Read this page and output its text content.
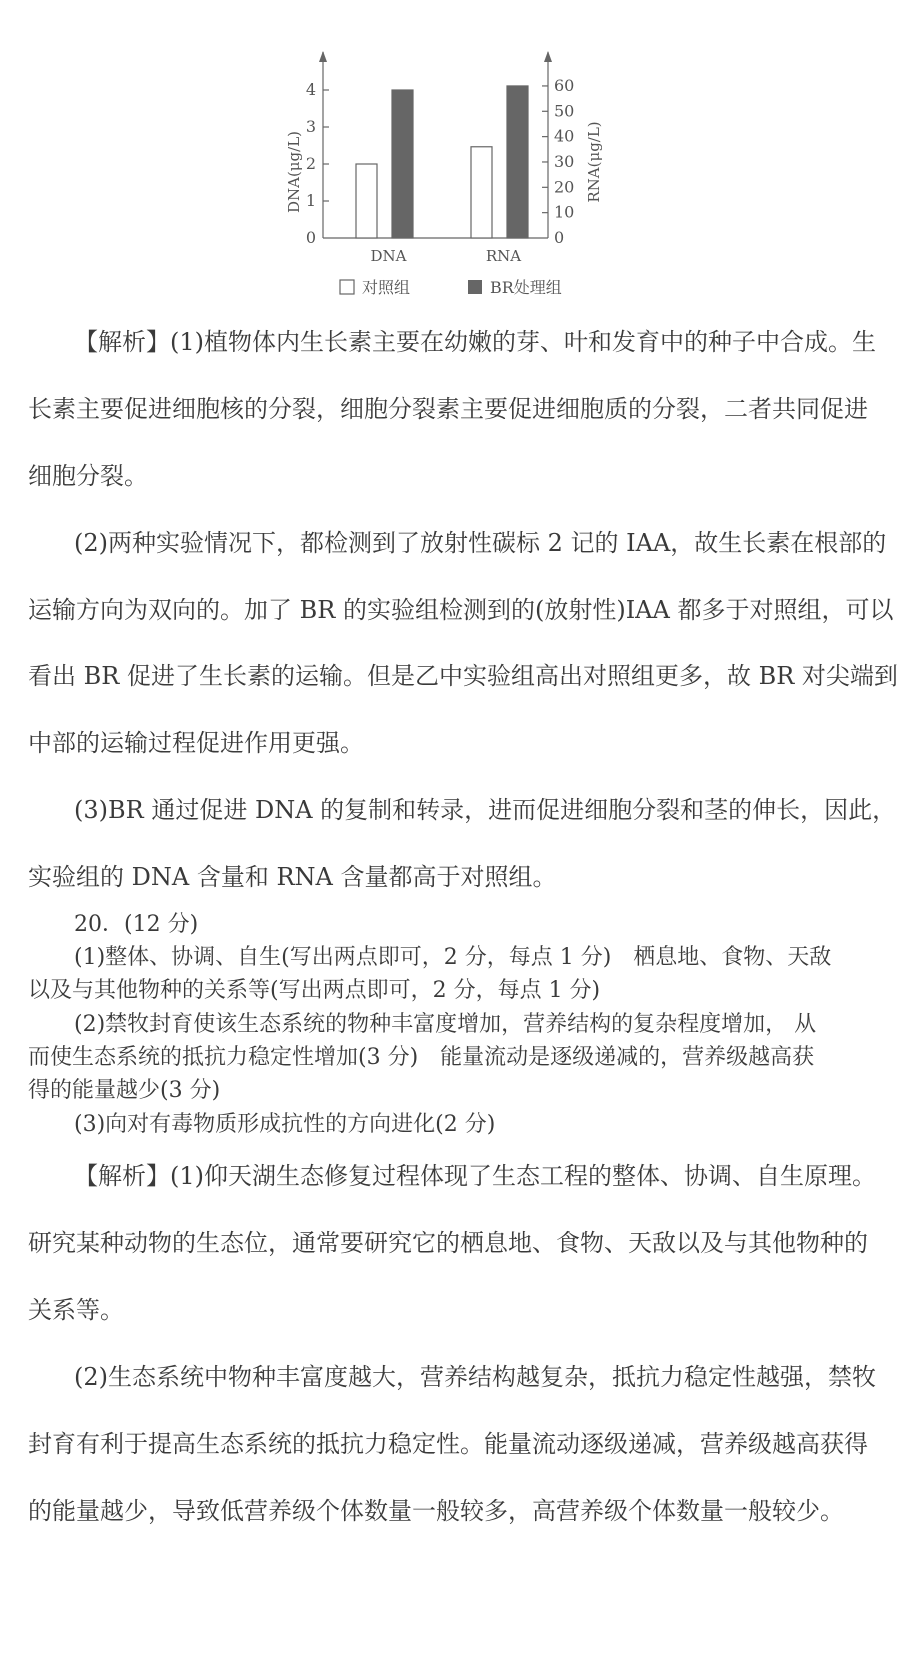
DNA(μg/L)	RNA(μg/L)
0
1
2
3
4
0
10
20
30
40
50
60
DNA	RNA
对照组	BR处理组

【解析】(1)植物体内生长素主要在幼嫩的芽、叶和发育中的种子中合成。生

长素主要促进细胞核的分裂，细胞分裂素主要促进细胞质的分裂，二者共同促进

细胞分裂。

(2)两种实验情况下，都检测到了放射性碳标 2 记的 IAA，故生长素在根部的

运输方向为双向的。加了 BR 的实验组检测到的(放射性)IAA 都多于对照组，可以

看出 BR 促进了生长素的运输。但是乙中实验组高出对照组更多，故 BR 对尖端到

中部的运输过程促进作用更强。

(3)BR 通过促进 DNA 的复制和转录，进而促进细胞分裂和茎的伸长，因此，

实验组的 DNA 含量和 RNA 含量都高于对照组。

20．(12 分)

(1)整体、协调、自生(写出两点即可，2 分，每点 1 分)　栖息地、食物、天敌

以及与其他物种的关系等(写出两点即可，2 分，每点 1 分)

(2)禁牧封育使该生态系统的物种丰富度增加，营养结构的复杂程度增加， 从

而使生态系统的抵抗力稳定性增加(3 分)　能量流动是逐级递减的，营养级越高获

得的能量越少(3 分)

(3)向对有毒物质形成抗性的方向进化(2 分)

【解析】(1)仰天湖生态修复过程体现了生态工程的整体、协调、自生原理。

研究某种动物的生态位，通常要研究它的栖息地、食物、天敌以及与其他物种的

关系等。

(2)生态系统中物种丰富度越大，营养结构越复杂，抵抗力稳定性越强，禁牧

封育有利于提高生态系统的抵抗力稳定性。能量流动逐级递减，营养级越高获得

的能量越少，导致低营养级个体数量一般较多，高营养级个体数量一般较少。
